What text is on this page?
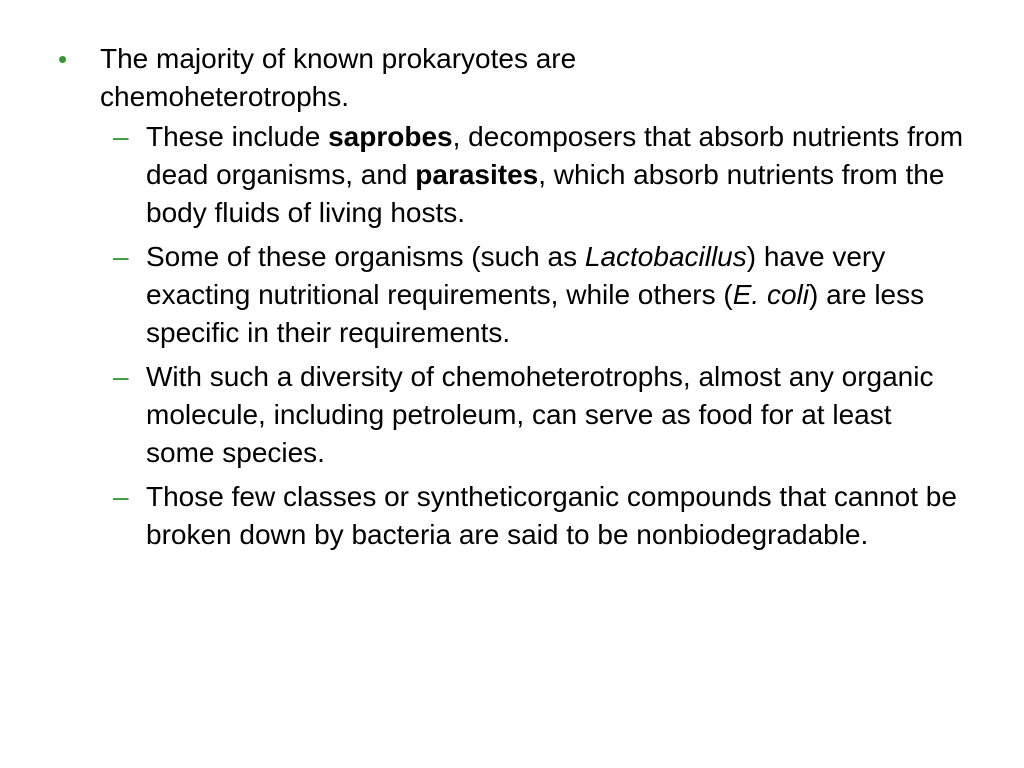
•	The majority of known prokaryotes are chemoheterotrophs.
– These include saprobes, decomposers that absorb nutrients from dead organisms, and parasites, which absorb nutrients from the body fluids of living hosts.
– Some of these organisms (such as Lactobacillus) have very exacting nutritional requirements, while others (E. coli) are less specific in their requirements.
– With such a diversity of chemoheterotrophs, almost any organic molecule, including petroleum, can serve as food for at least some species.
– Those few classes or syntheticorganic compounds that cannot be broken down by bacteria are said to be nonbiodegradable.
